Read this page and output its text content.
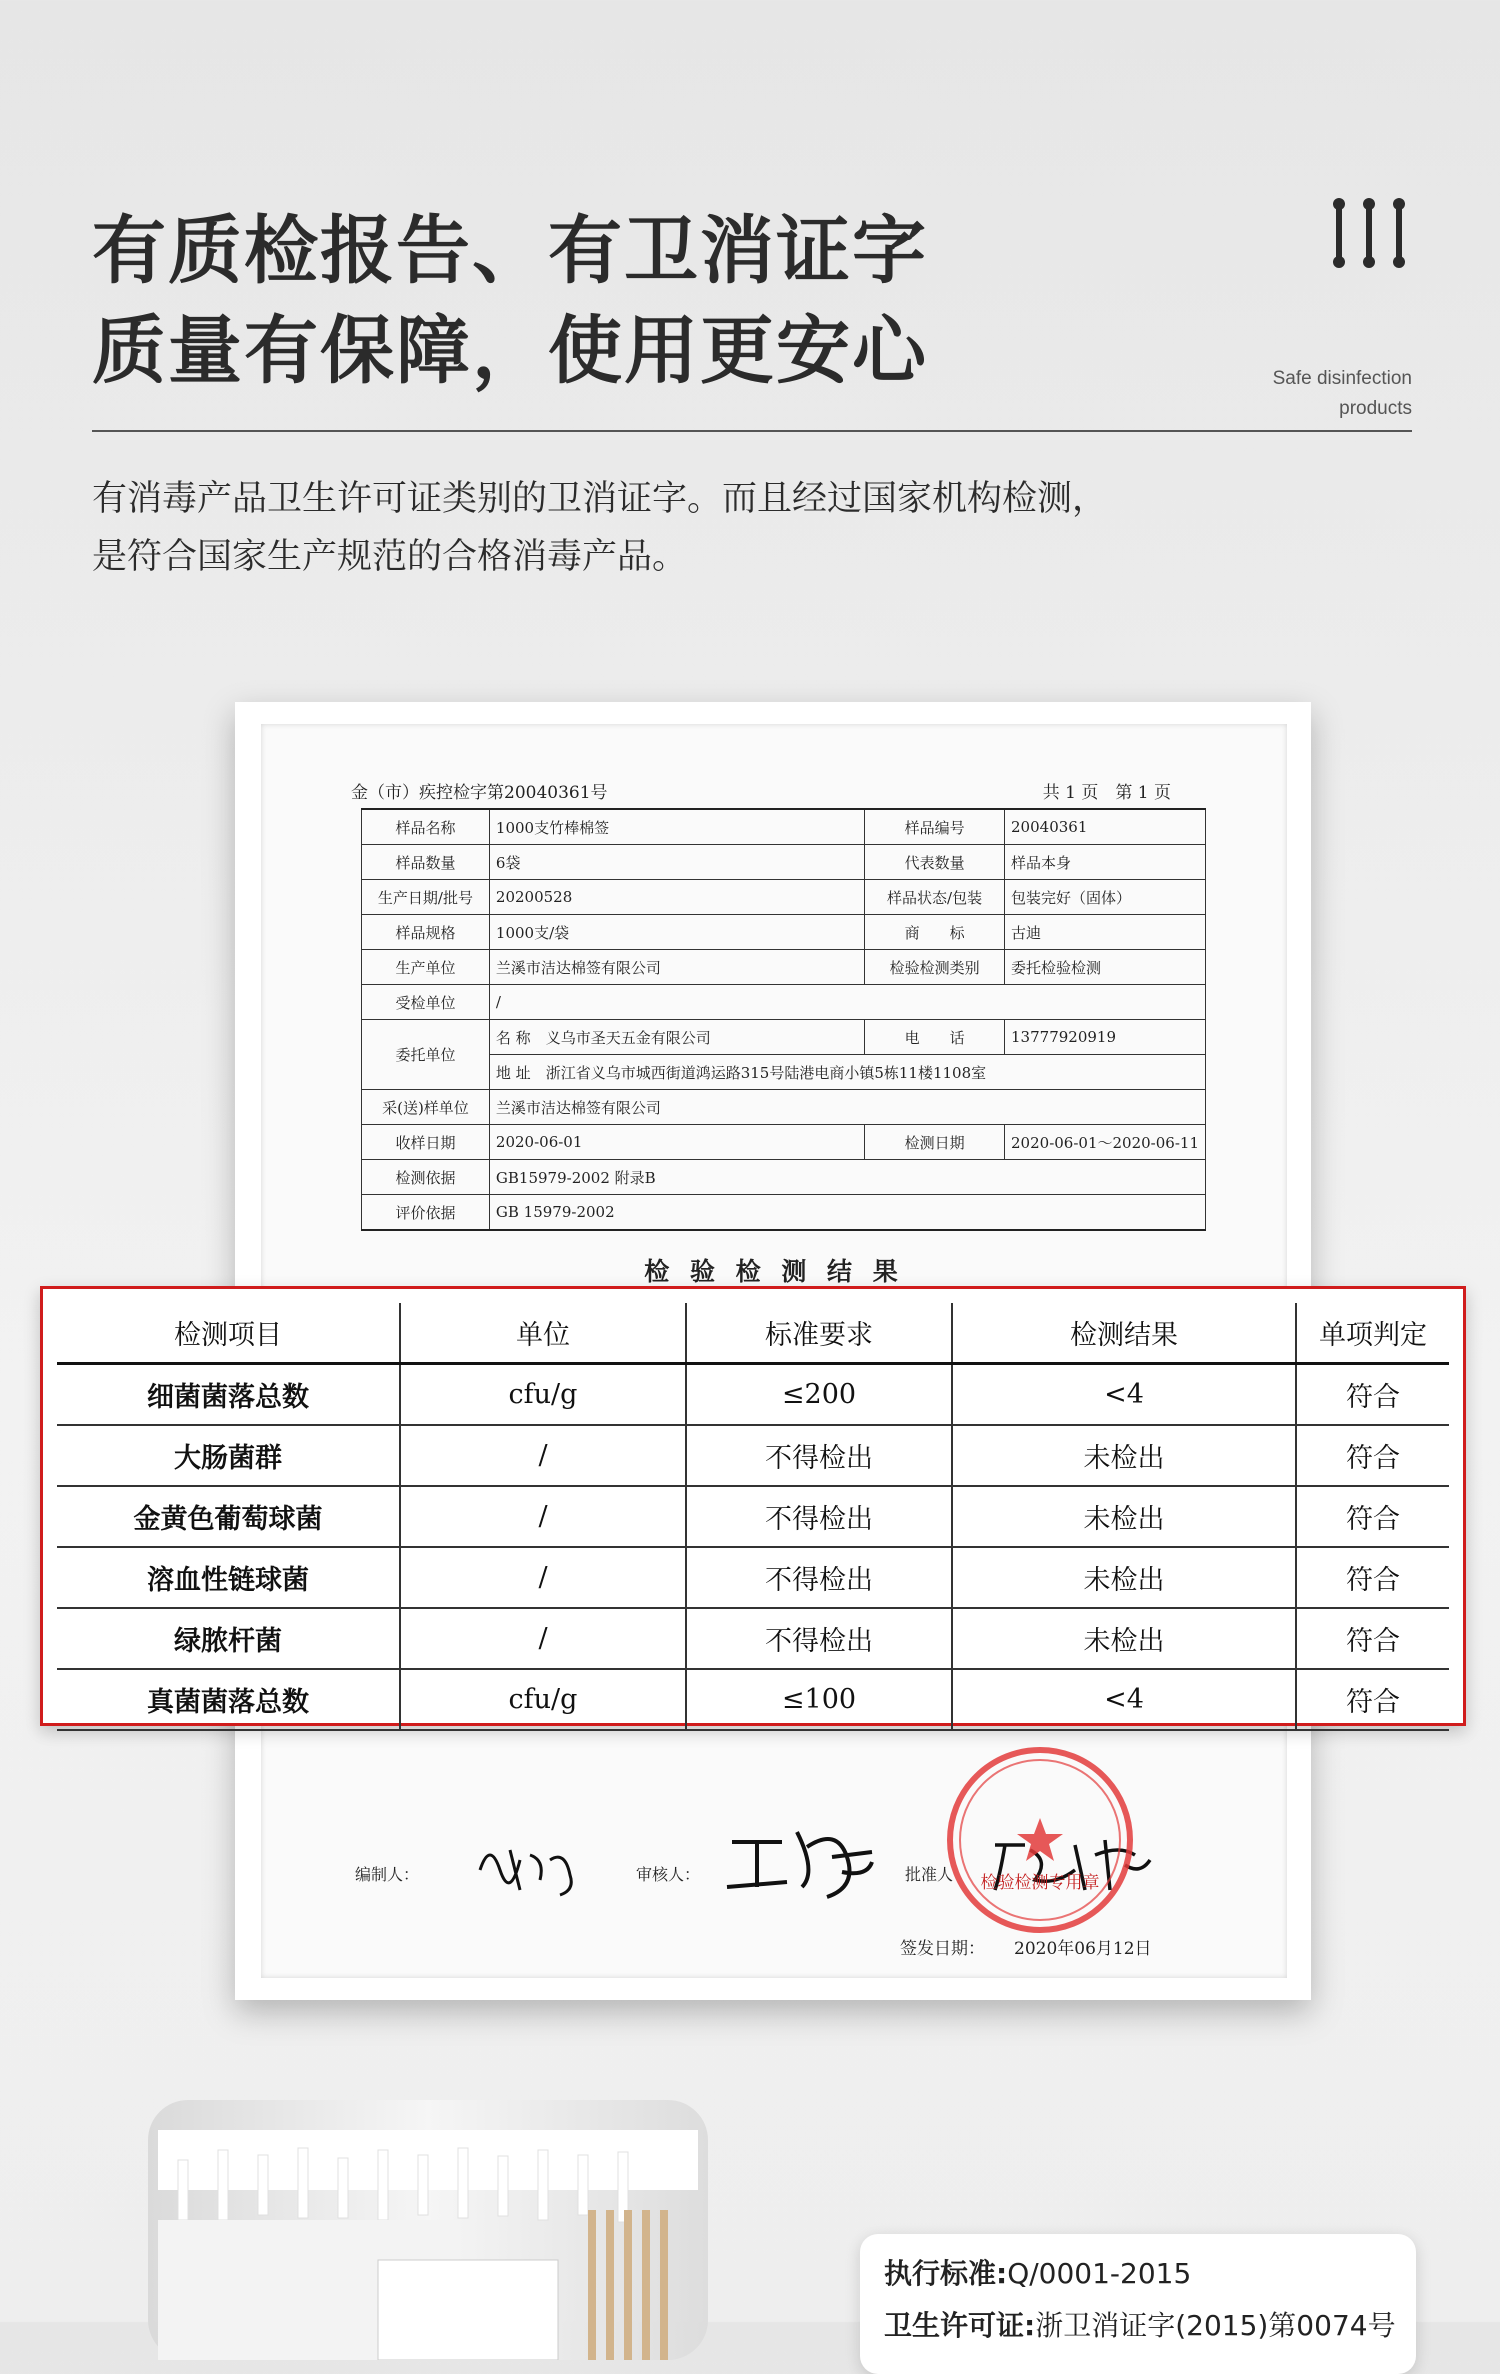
有质检报告、有卫消证字
质量有保障，使用更安心	Safe disinfection
products
有消毒产品卫生许可证类别的卫消证字。而且经过国家机构检测，
是符合国家生产规范的合格消毒产品。
金（市）疾控检字第20040361号	共 1 页　第 1 页
样品名称	1000支竹棒棉签	样品编号	20040361
样品数量	6袋	代表数量	样品本身
生产日期/批号	20200528	样品状态/包装	包装完好（固体）
样品规格	1000支/袋	商　　标	古迪
生产单位	兰溪市洁达棉签有限公司	检验检测类别	委托检验检测
受检单位	/		
委托单位	名 称　 义乌市圣天五金有限公司	电　　话	13777920919
	地 址　 浙江省义乌市城西街道鸿运路315号陆港电商小镇5栋11楼1108室		
采(送)样单位	兰溪市洁达棉签有限公司		
收样日期	2020-06-01	检测日期	2020-06-01～2020-06-11
检测依据	GB15979-2002 附录B		
评价依据	GB 15979-2002		
检 验 检 测 结 果
检测项目	单位	标准要求	检测结果	单项判定
细菌菌落总数	cfu/g	≤200	<4	符合
大肠菌群	/	不得检出	未检出	符合
金黄色葡萄球菌	/	不得检出	未检出	符合
溶血性链球菌	/	不得检出	未检出	符合
绿脓杆菌	/	不得检出	未检出	符合
真菌菌落总数	cfu/g	≤100	<4	符合
编制人：	审核人：	批准人 检验检测专用章
签发日期： 2020年06月12日
执行标准:Q/0001-2015
卫生许可证:浙卫消证字(2015)第0074号
